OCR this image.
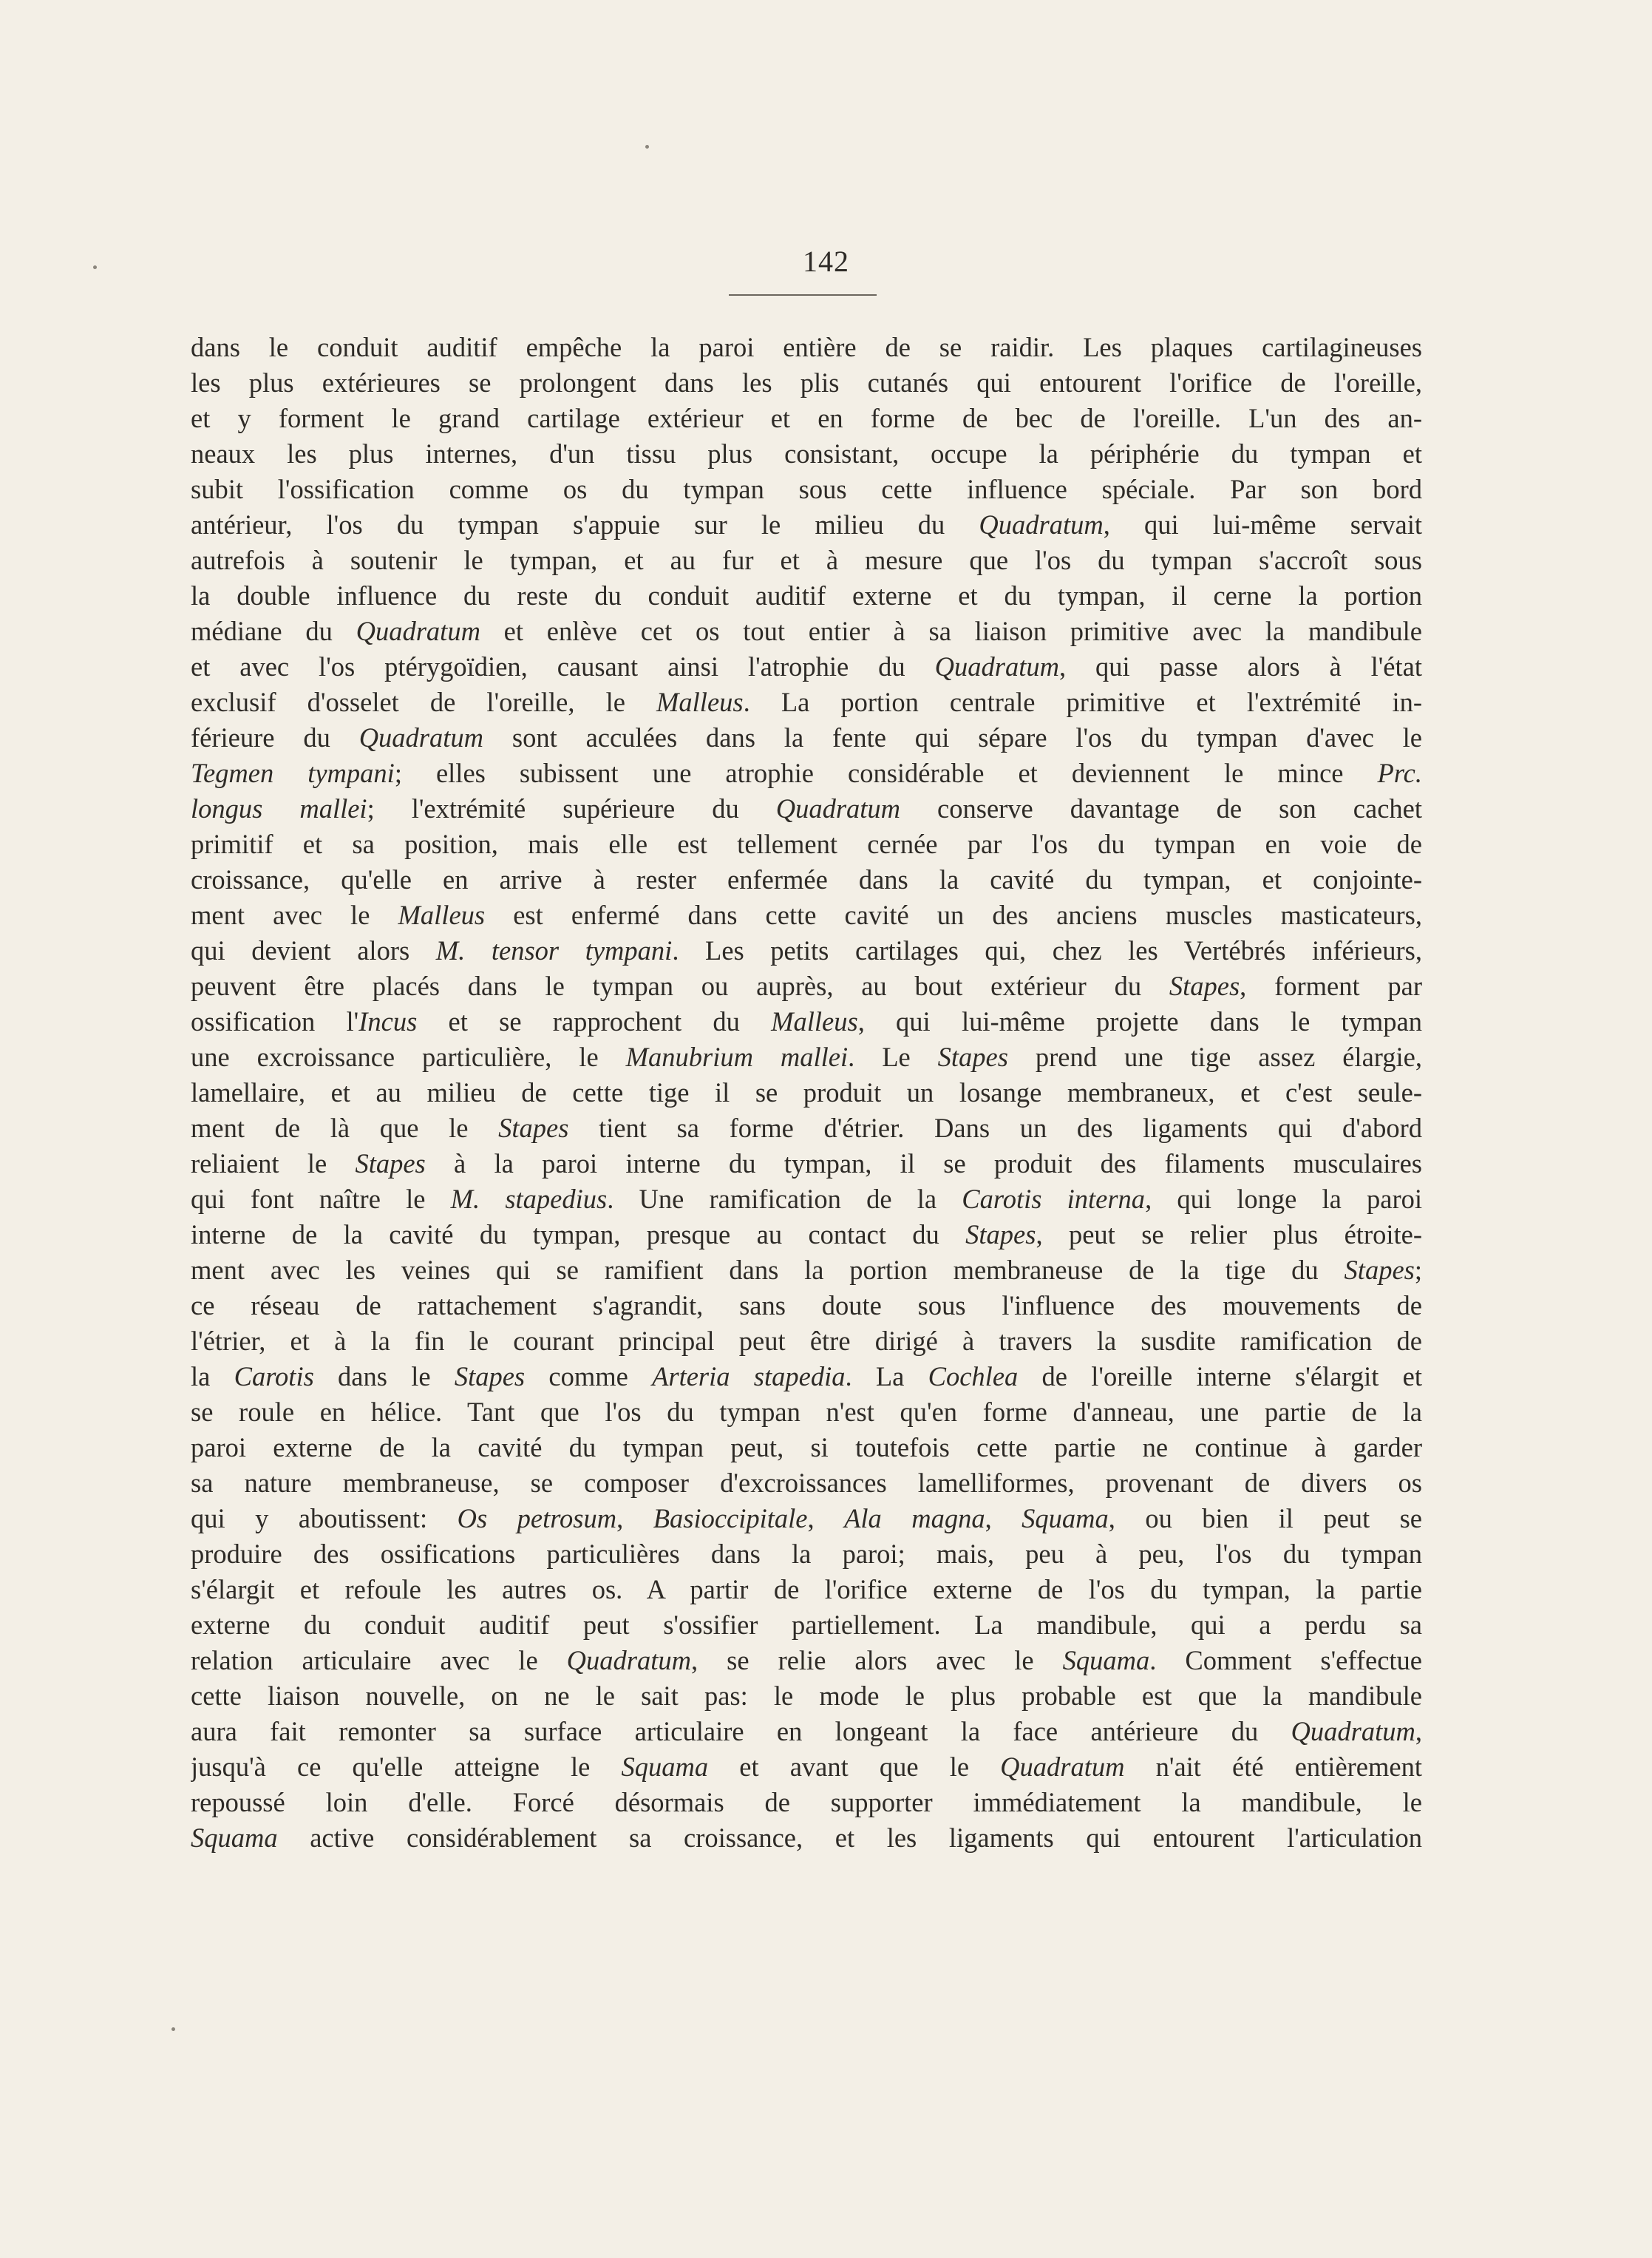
142
dans le conduit auditif empêche la paroi entière de se raidir. Les plaques cartilagineuses
les plus extérieures se prolongent dans les plis cutanés qui entourent l'orifice de l'oreille,
et y forment le grand cartilage extérieur et en forme de bec de l'oreille. L'un des an-
neaux les plus internes, d'un tissu plus consistant, occupe la périphérie du tympan et
subit l'ossification comme os du tympan sous cette influence spéciale. Par son bord
antérieur, l'os du tympan s'appuie sur le milieu du Quadratum, qui lui-même servait
autrefois à soutenir le tympan, et au fur et à mesure que l'os du tympan s'accroît sous
la double influence du reste du conduit auditif externe et du tympan, il cerne la portion
médiane du Quadratum et enlève cet os tout entier à sa liaison primitive avec la mandibule
et avec l'os ptérygoïdien, causant ainsi l'atrophie du Quadratum, qui passe alors à l'état
exclusif d'osselet de l'oreille, le Malleus. La portion centrale primitive et l'extrémité in-
férieure du Quadratum sont acculées dans la fente qui sépare l'os du tympan d'avec le
Tegmen tympani; elles subissent une atrophie considérable et deviennent le mince Prc.
longus mallei; l'extrémité supérieure du Quadratum conserve davantage de son cachet
primitif et sa position, mais elle est tellement cernée par l'os du tympan en voie de
croissance, qu'elle en arrive à rester enfermée dans la cavité du tympan, et conjointe-
ment avec le Malleus est enfermé dans cette cavité un des anciens muscles masticateurs,
qui devient alors M. tensor tympani. Les petits cartilages qui, chez les Vertébrés inférieurs,
peuvent être placés dans le tympan ou auprès, au bout extérieur du Stapes, forment par
ossification l'Incus et se rapprochent du Malleus, qui lui-même projette dans le tympan
une excroissance particulière, le Manubrium mallei. Le Stapes prend une tige assez élargie,
lamellaire, et au milieu de cette tige il se produit un losange membraneux, et c'est seule-
ment de là que le Stapes tient sa forme d'étrier. Dans un des ligaments qui d'abord
reliaient le Stapes à la paroi interne du tympan, il se produit des filaments musculaires
qui font naître le M. stapedius. Une ramification de la Carotis interna, qui longe la paroi
interne de la cavité du tympan, presque au contact du Stapes, peut se relier plus étroite-
ment avec les veines qui se ramifient dans la portion membraneuse de la tige du Stapes;
ce réseau de rattachement s'agrandit, sans doute sous l'influence des mouvements de
l'étrier, et à la fin le courant principal peut être dirigé à travers la susdite ramification de
la Carotis dans le Stapes comme Arteria stapedia. La Cochlea de l'oreille interne s'élargit et
se roule en hélice. Tant que l'os du tympan n'est qu'en forme d'anneau, une partie de la
paroi externe de la cavité du tympan peut, si toutefois cette partie ne continue à garder
sa nature membraneuse, se composer d'excroissances lamelliformes, provenant de divers os
qui y aboutissent: Os petrosum, Basioccipitale, Ala magna, Squama, ou bien il peut se
produire des ossifications particulières dans la paroi; mais, peu à peu, l'os du tympan
s'élargit et refoule les autres os. A partir de l'orifice externe de l'os du tympan, la partie
externe du conduit auditif peut s'ossifier partiellement. La mandibule, qui a perdu sa
relation articulaire avec le Quadratum, se relie alors avec le Squama. Comment s'effectue
cette liaison nouvelle, on ne le sait pas: le mode le plus probable est que la mandibule
aura fait remonter sa surface articulaire en longeant la face antérieure du Quadratum,
jusqu'à ce qu'elle atteigne le Squama et avant que le Quadratum n'ait été entièrement
repoussé loin d'elle. Forcé désormais de supporter immédiatement la mandibule, le
Squama active considérablement sa croissance, et les ligaments qui entourent l'articulation
